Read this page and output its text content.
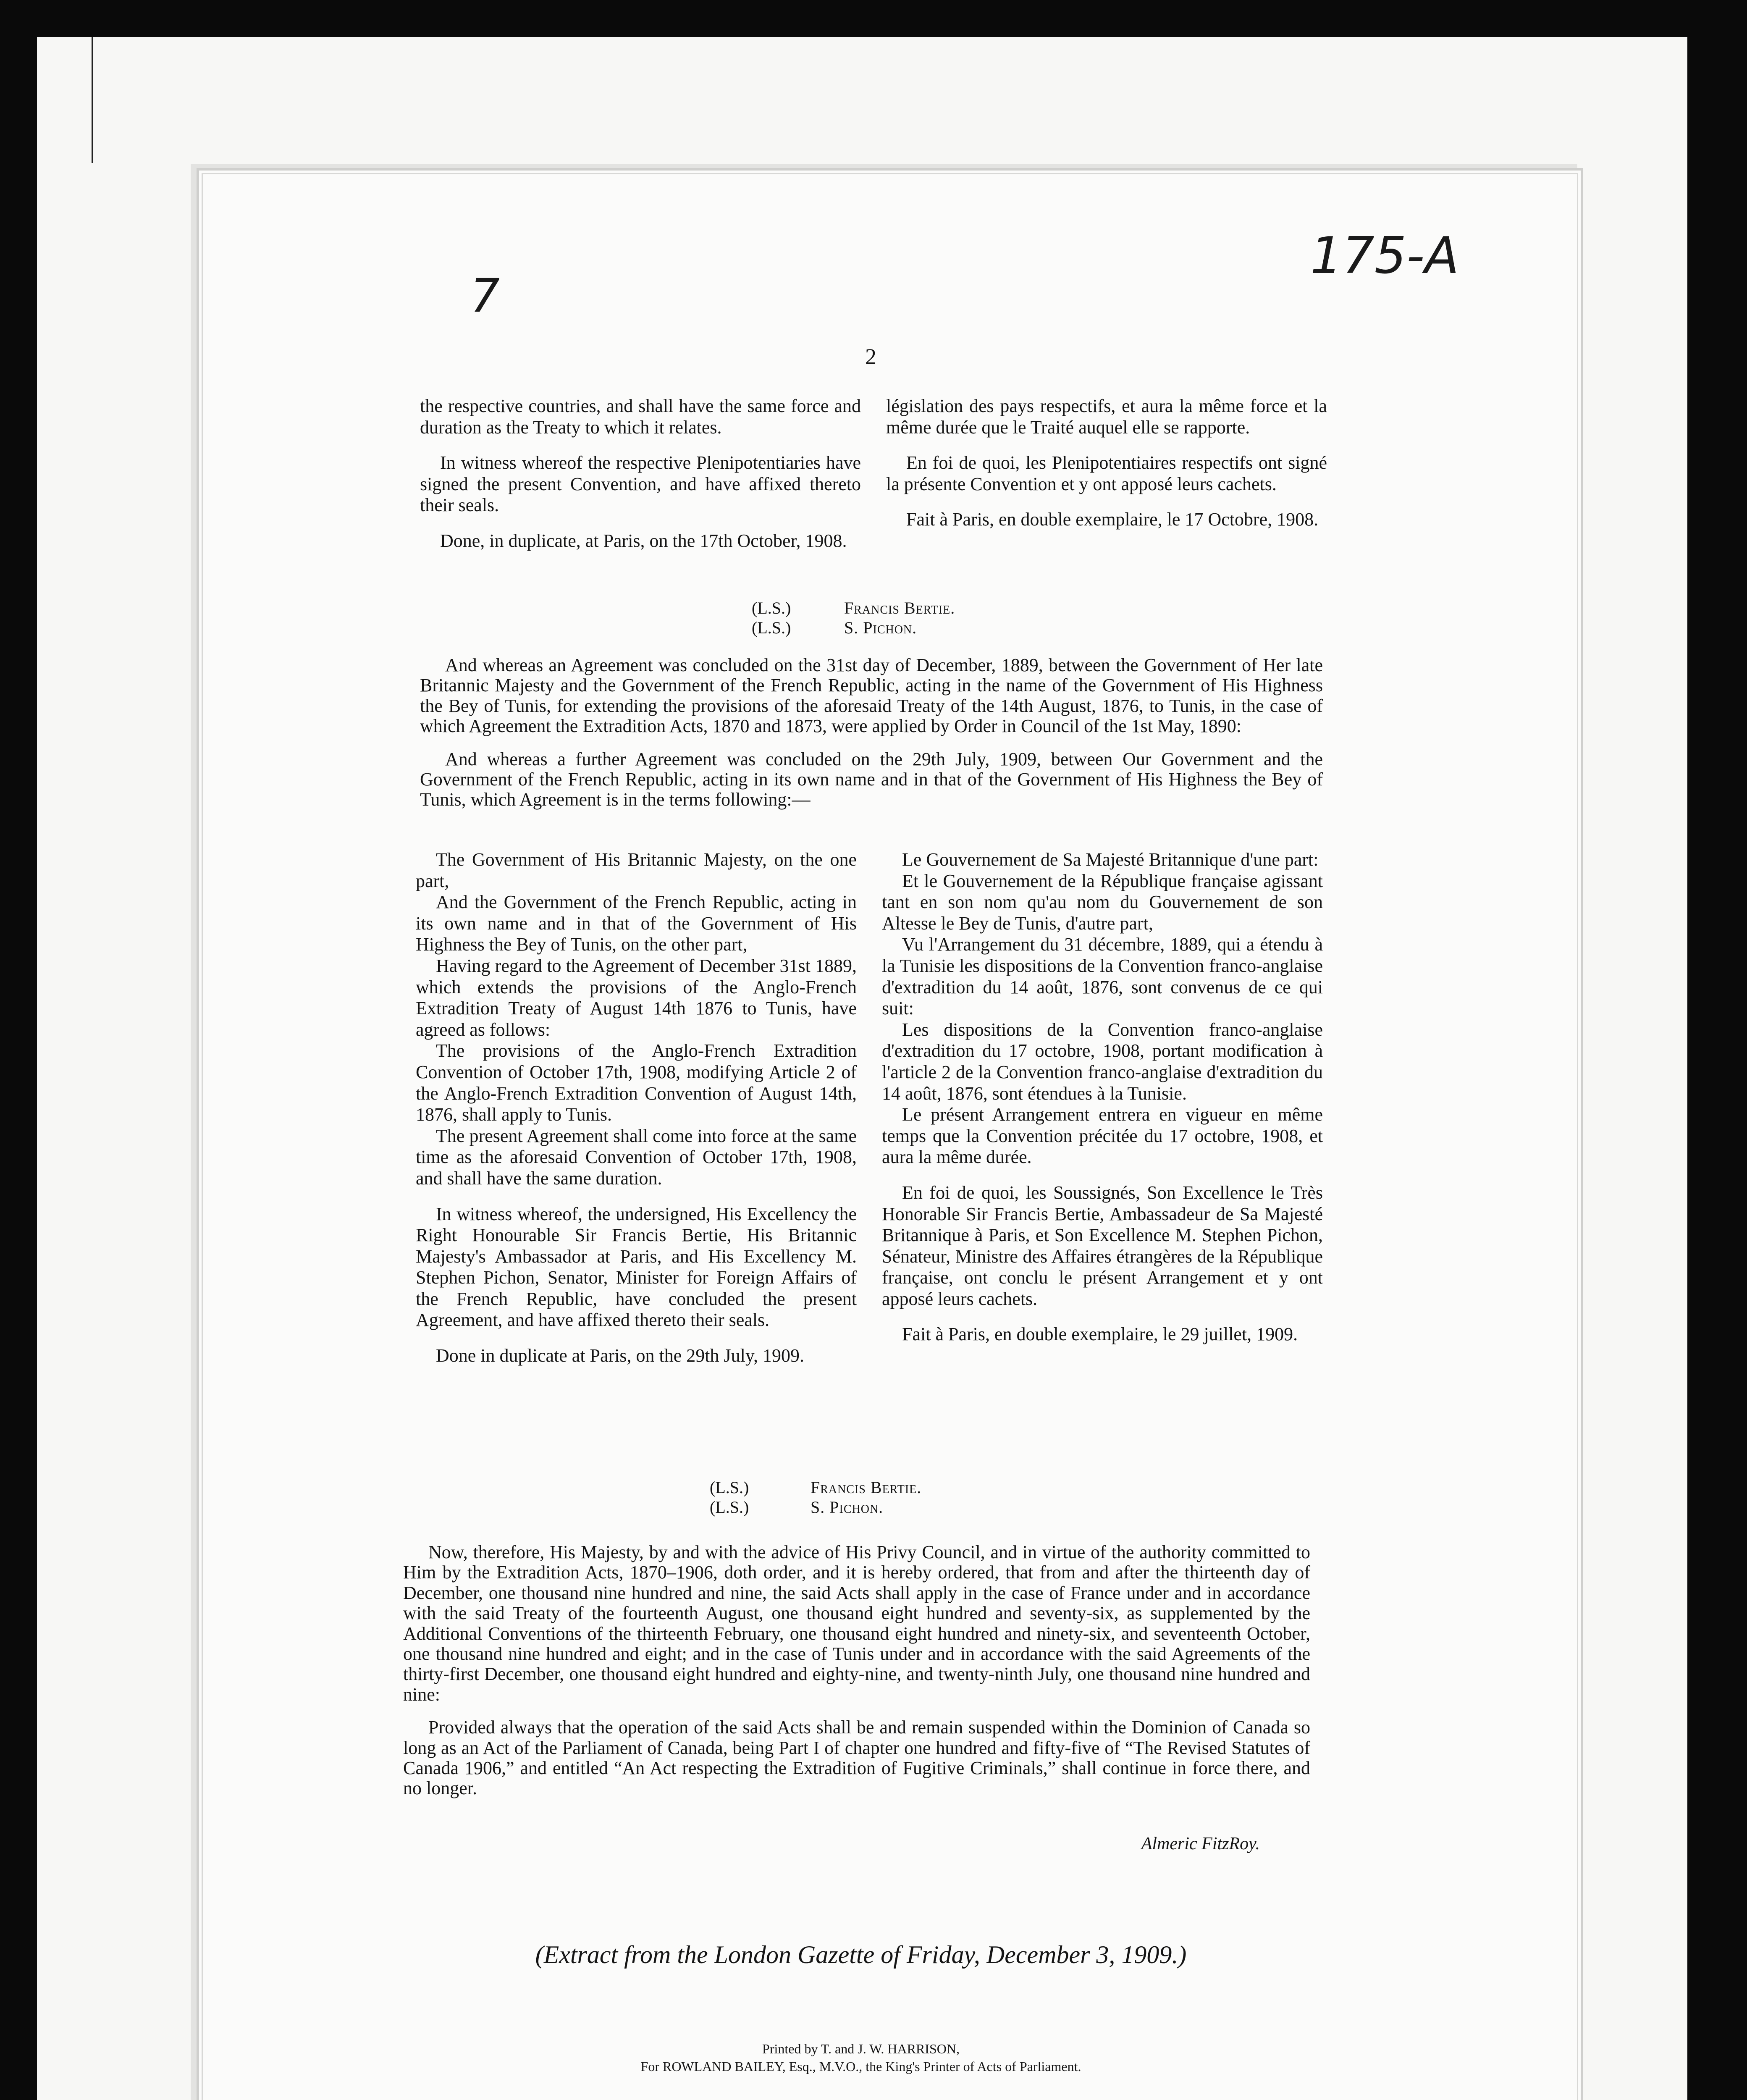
7
175-A
2

the respective countries, and shall have the same force and duration as the Treaty to which it relates.

In witness whereof the respective Plenipotentiaries have signed the present Convention, and have affixed thereto their seals.

Done, in duplicate, at Paris, on the 17th October, 1908.

législation des pays respectifs, et aura la même force et la même durée que le Traité auquel elle se rapporte.

En foi de quoi, les Plenipotentiaires respectifs ont signé la présente Convention et y ont apposé leurs cachets.

Fait à Paris, en double exemplaire, le 17 Octobre, 1908.

(L.S.)	Francis Bertie.
(L.S.)	S. Pichon.

And whereas an Agreement was concluded on the 31st day of December, 1889, between the Government of Her late Britannic Majesty and the Government of the French Republic, acting in the name of the Government of His Highness the Bey of Tunis, for extending the provisions of the aforesaid Treaty of the 14th August, 1876, to Tunis, in the case of which Agreement the Extradition Acts, 1870 and 1873, were applied by Order in Council of the 1st May, 1890:

And whereas a further Agreement was concluded on the 29th July, 1909, between Our Government and the Government of the French Republic, acting in its own name and in that of the Government of His Highness the Bey of Tunis, which Agreement is in the terms following:—

The Government of His Britannic Majesty, on the one part,

And the Government of the French Republic, acting in its own name and in that of the Government of His Highness the Bey of Tunis, on the other part,

Having regard to the Agreement of December 31st 1889, which extends the provisions of the Anglo-French Extradition Treaty of August 14th 1876 to Tunis, have agreed as follows:

The provisions of the Anglo-French Extradition Convention of October 17th, 1908, modifying Article 2 of the Anglo-French Extradition Convention of August 14th, 1876, shall apply to Tunis.

The present Agreement shall come into force at the same time as the aforesaid Convention of October 17th, 1908, and shall have the same duration.

In witness whereof, the undersigned, His Excellency the Right Honourable Sir Francis Bertie, His Britannic Majesty's Ambassador at Paris, and His Excellency M. Stephen Pichon, Senator, Minister for Foreign Affairs of the French Republic, have concluded the present Agreement, and have affixed thereto their seals.

Done in duplicate at Paris, on the 29th July, 1909.

Le Gouvernement de Sa Majesté Britannique d'une part:

Et le Gouvernement de la République française agissant tant en son nom qu'au nom du Gouvernement de son Altesse le Bey de Tunis, d'autre part,

Vu l'Arrangement du 31 décembre, 1889, qui a étendu à la Tunisie les dispositions de la Convention franco-anglaise d'extradition du 14 août, 1876, sont convenus de ce qui suit:

Les dispositions de la Convention franco-anglaise d'extradition du 17 octobre, 1908, portant modification à l'article 2 de la Convention franco-anglaise d'extradition du 14 août, 1876, sont étendues à la Tunisie.

Le présent Arrangement entrera en vigueur en même temps que la Convention précitée du 17 octobre, 1908, et aura la même durée.

En foi de quoi, les Soussignés, Son Excellence le Très Honorable Sir Francis Bertie, Ambassadeur de Sa Majesté Britannique à Paris, et Son Excellence M. Stephen Pichon, Sénateur, Ministre des Affaires étrangères de la République française, ont conclu le présent Arrangement et y ont apposé leurs cachets.

Fait à Paris, en double exemplaire, le 29 juillet, 1909.

(L.S.)	Francis Bertie.
(L.S.)	S. Pichon.

Now, therefore, His Majesty, by and with the advice of His Privy Council, and in virtue of the authority committed to Him by the Extradition Acts, 1870–1906, doth order, and it is hereby ordered, that from and after the thirteenth day of December, one thousand nine hundred and nine, the said Acts shall apply in the case of France under and in accordance with the said Treaty of the fourteenth August, one thousand eight hundred and seventy-six, as supplemented by the Additional Conventions of the thirteenth February, one thousand eight hundred and ninety-six, and seventeenth October, one thousand nine hundred and eight; and in the case of Tunis under and in accordance with the said Agreements of the thirty-first December, one thousand eight hundred and eighty-nine, and twenty-ninth July, one thousand nine hundred and nine:

Provided always that the operation of the said Acts shall be and remain suspended within the Dominion of Canada so long as an Act of the Parliament of Canada, being Part I of chapter one hundred and fifty-five of “The Revised Statutes of Canada 1906,” and entitled “An Act respecting the Extradition of Fugitive Criminals,” shall continue in force there, and no longer.

Almeric FitzRoy.
(Extract from the London Gazette of Friday, December 3, 1909.)
Printed by T. and J. W. HARRISON,
For ROWLAND BAILEY, Esq., M.V.O., the King's Printer of Acts of Parliament.
